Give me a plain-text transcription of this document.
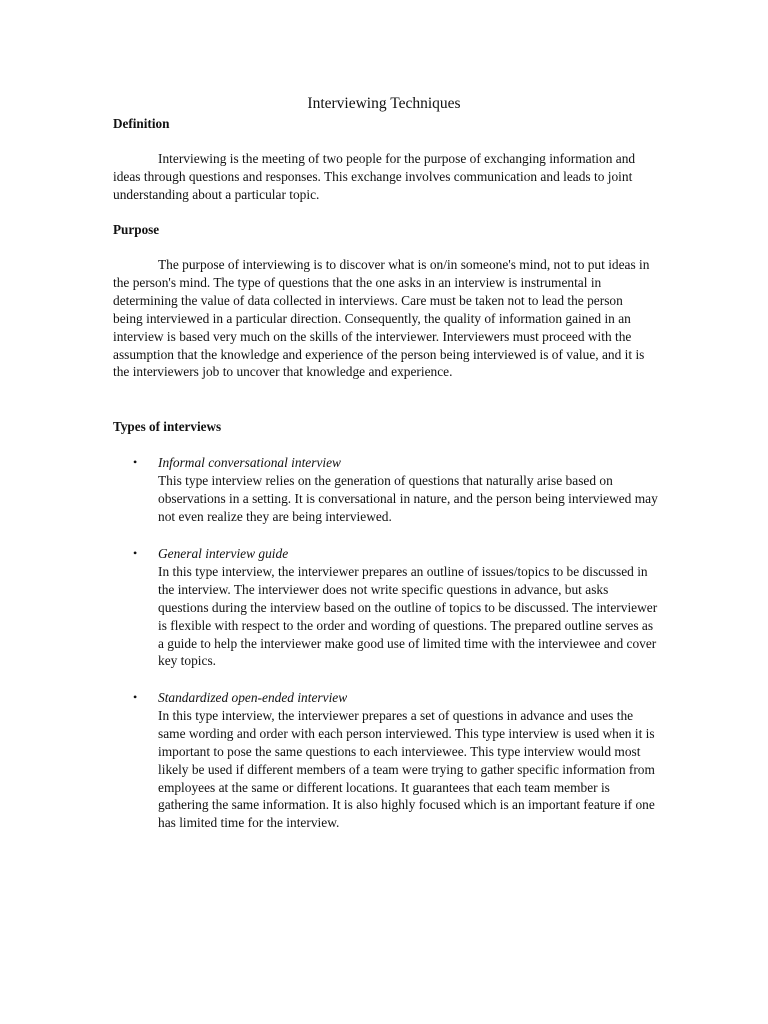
Interviewing Techniques
Definition

Interviewing is the meeting of two people for the purpose of exchanging information and ideas through questions and responses. This exchange involves communication and leads to joint understanding about a particular topic.

Purpose

The purpose of interviewing is to discover what is on/in someone's mind, not to put ideas in the person's mind. The type of questions that the one asks in an interview is instrumental in determining the value of data collected in interviews. Care must be taken not to lead the person being interviewed in a particular direction. Consequently, the quality of information gained in an interview is based very much on the skills of the interviewer. Interviewers must proceed with the assumption that the knowledge and experience of the person being interviewed is of value, and it is the interviewers job to uncover that knowledge and experience.

Types of interviews
• Informal conversational interview
This type interview relies on the generation of questions that naturally arise based on observations in a setting. It is conversational in nature, and the person being interviewed may not even realize they are being interviewed.
• General interview guide
In this type interview, the interviewer prepares an outline of issues/topics to be discussed in the interview. The interviewer does not write specific questions in advance, but asks questions during the interview based on the outline of topics to be discussed. The interviewer is flexible with respect to the order and wording of questions. The prepared outline serves as a guide to help the interviewer make good use of limited time with the interviewee and cover key topics.
• Standardized open-ended interview
In this type interview, the interviewer prepares a set of questions in advance and uses the same wording and order with each person interviewed. This type interview is used when it is important to pose the same questions to each interviewee. This type interview would most likely be used if different members of a team were trying to gather specific information from employees at the same or different locations. It guarantees that each team member is gathering the same information. It is also highly focused which is an important feature if one has limited time for the interview.
